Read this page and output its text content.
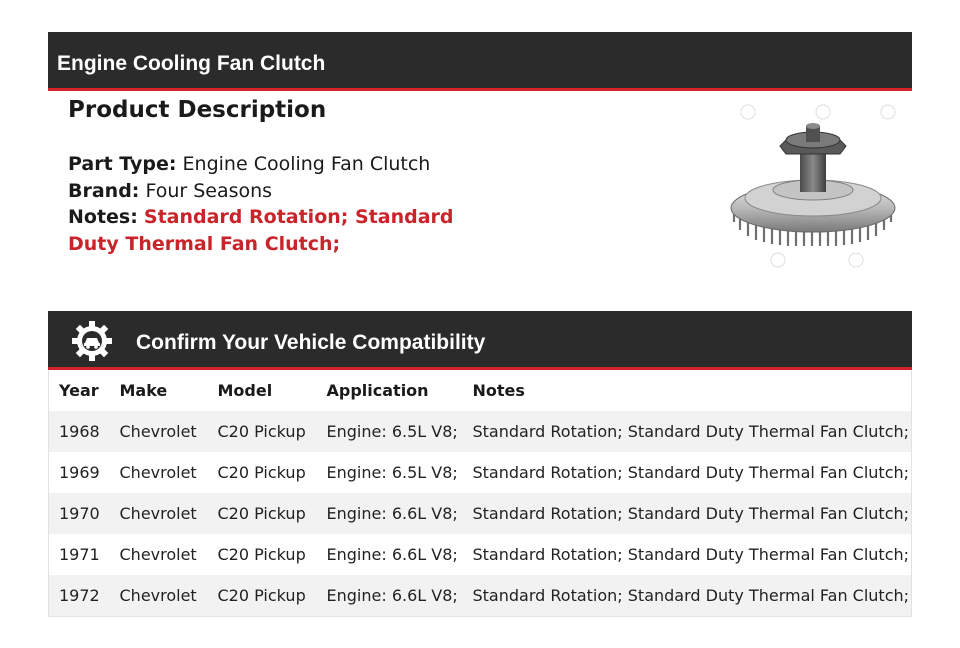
Engine Cooling Fan Clutch
Product Description
Part Type: Engine Cooling Fan Clutch
Brand: Four Seasons
Notes: Standard Rotation; Standard Duty Thermal Fan Clutch;
Confirm Your Vehicle Compatibility
Year	Make	Model	Application	Notes
1968	Chevrolet	C20 Pickup	Engine: 6.5L V8;	Standard Rotation; Standard Duty Thermal Fan Clutch;
1969	Chevrolet	C20 Pickup	Engine: 6.5L V8;	Standard Rotation; Standard Duty Thermal Fan Clutch;
1970	Chevrolet	C20 Pickup	Engine: 6.6L V8;	Standard Rotation; Standard Duty Thermal Fan Clutch;
1971	Chevrolet	C20 Pickup	Engine: 6.6L V8;	Standard Rotation; Standard Duty Thermal Fan Clutch;
1972	Chevrolet	C20 Pickup	Engine: 6.6L V8;	Standard Rotation; Standard Duty Thermal Fan Clutch;
